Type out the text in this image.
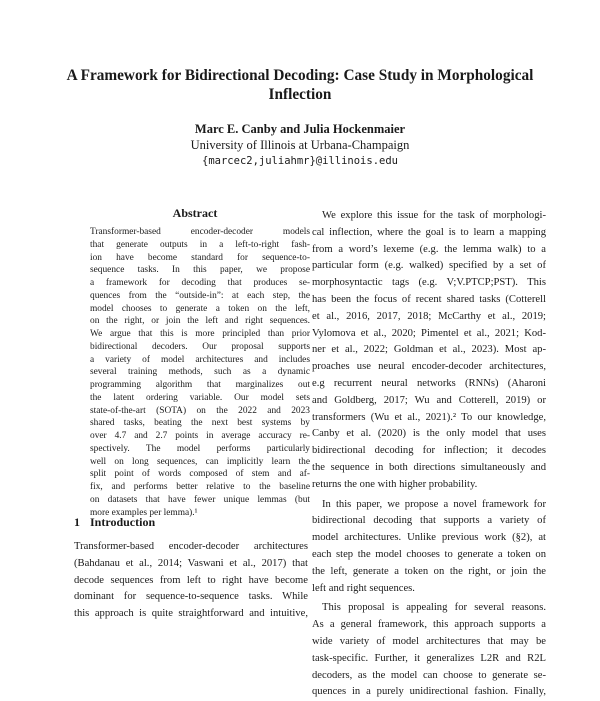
A Framework for Bidirectional Decoding: Case Study in Morphological
Inflection
Marc E. Canby and Julia Hockenmaier
University of Illinois at Urbana-Champaign
{marcec2,juliahmr}@illinois.edu
Abstract
Transformer-based encoder-decoder models
that generate outputs in a left-to-right fash-
ion have become standard for sequence-to-
sequence tasks. In this paper, we propose
a framework for decoding that produces se-
quences from the “outside-in”: at each step, the
model chooses to generate a token on the left,
on the right, or join the left and right sequences.
We argue that this is more principled than prior
bidirectional decoders. Our proposal supports
a variety of model architectures and includes
several training methods, such as a dynamic
programming algorithm that marginalizes out
the latent ordering variable. Our model sets
state-of-the-art (SOTA) on the 2022 and 2023
shared tasks, beating the next best systems by
over 4.7 and 2.7 points in average accuracy re-
spectively. The model performs particularly
well on long sequences, can implicitly learn the
split point of words composed of stem and af-
fix, and performs better relative to the baseline
on datasets that have fewer unique lemmas (but
more examples per lemma).¹
1 Introduction
Transformer-based encoder-decoder architectures
(Bahdanau et al., 2014; Vaswani et al., 2017) that
decode sequences from left to right have become
dominant for sequence-to-sequence tasks. While
this approach is quite straightforward and intuitive,
We explore this issue for the task of morphologi-
cal inflection, where the goal is to learn a mapping
from a word’s lexeme (e.g. the lemma walk) to a
particular form (e.g. walked) specified by a set of
morphosyntactic tags (e.g. V;V.PTCP;PST). This
has been the focus of recent shared tasks (Cotterell
et al., 2016, 2017, 2018; McCarthy et al., 2019;
Vylomova et al., 2020; Pimentel et al., 2021; Kod-
ner et al., 2022; Goldman et al., 2023). Most ap-
proaches use neural encoder-decoder architectures,
e.g recurrent neural networks (RNNs) (Aharoni
and Goldberg, 2017; Wu and Cotterell, 2019) or
transformers (Wu et al., 2021).² To our knowledge,
Canby et al. (2020) is the only model that uses
bidirectional decoding for inflection; it decodes
the sequence in both directions simultaneously and
returns the one with higher probability.
In this paper, we propose a novel framework for
bidirectional decoding that supports a variety of
model architectures. Unlike previous work (§2), at
each step the model chooses to generate a token on
the left, generate a token on the right, or join the
left and right sequences.
This proposal is appealing for several reasons.
As a general framework, this approach supports a
wide variety of model architectures that may be
task-specific. Further, it generalizes L2R and R2L
decoders, as the model can choose to generate se-
quences in a purely unidirectional fashion. Finally,
